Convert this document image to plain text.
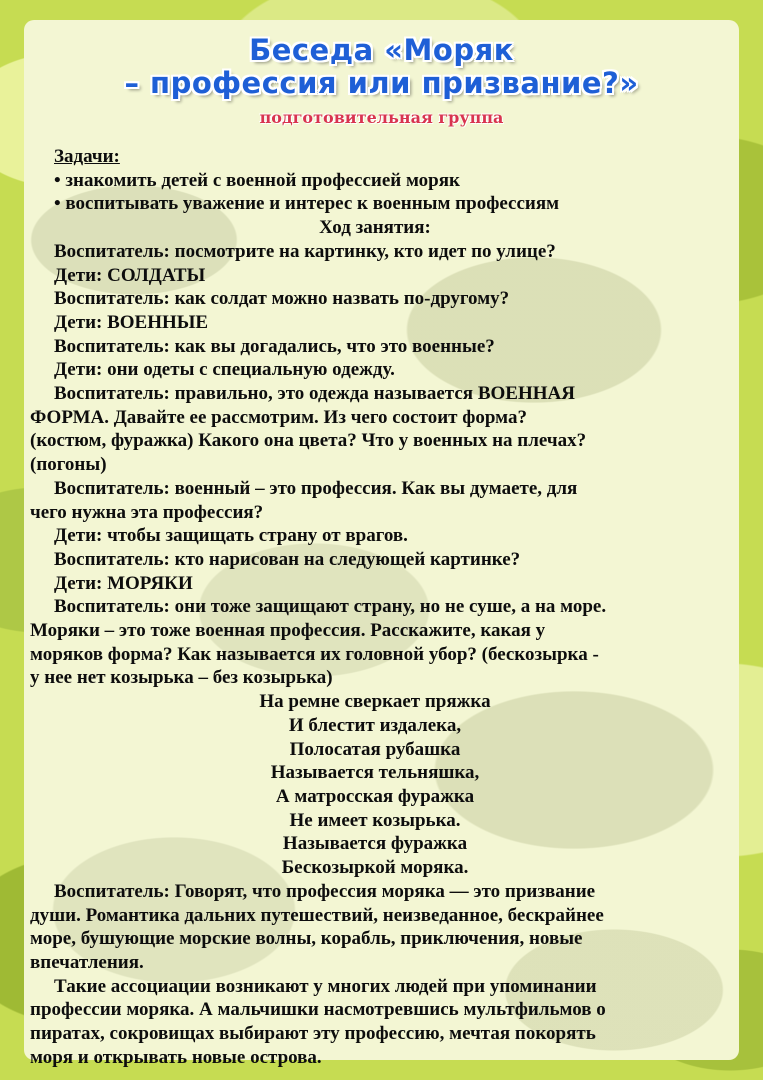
Беседа «Моряк
– профессия или призвание?»
подготовительная группа

Задачи:

• знакомить детей с военной профессией моряк

• воспитывать уважение и интерес к военным профессиям

Ход занятия:

Воспитатель: посмотрите на картинку, кто идет по улице?

Дети: СОЛДАТЫ

Воспитатель: как солдат можно назвать по-другому?

Дети: ВОЕННЫЕ

Воспитатель: как вы догадались, что это военные?

Дети: они одеты с специальную одежду.

Воспитатель: правильно, это одежда называется ВОЕННАЯ

ФОРМА. Давайте ее рассмотрим. Из чего состоит форма?

(костюм, фуражка) Какого она цвета? Что у военных на плечах?

(погоны)

Воспитатель: военный – это профессия. Как вы думаете, для

чего нужна эта профессия?

Дети: чтобы защищать страну от врагов.

Воспитатель: кто нарисован на следующей картинке?

Дети: МОРЯКИ

Воспитатель: они тоже защищают страну, но не суше, а на море.

Моряки – это тоже военная профессия. Расскажите, какая у

моряков форма? Как называется их головной убор? (бескозырка -

у нее нет козырька – без козырька)

На ремне сверкает пряжка

И блестит издалека,

Полосатая рубашка

Называется тельняшка,

А матросская фуражка

Не имеет козырька.

Называется фуражка

Бескозыркой моряка.

Воспитатель: Говорят, что профессия моряка — это призвание

души. Романтика дальних путешествий, неизведанное, бескрайнее

море, бушующие морские волны, корабль, приключения, новые

впечатления.

Такие ассоциации возникают у многих людей при упоминании

профессии моряка. А мальчишки насмотревшись мультфильмов о

пиратах, сокровищах выбирают эту профессию, мечтая покорять

моря и открывать новые острова.
